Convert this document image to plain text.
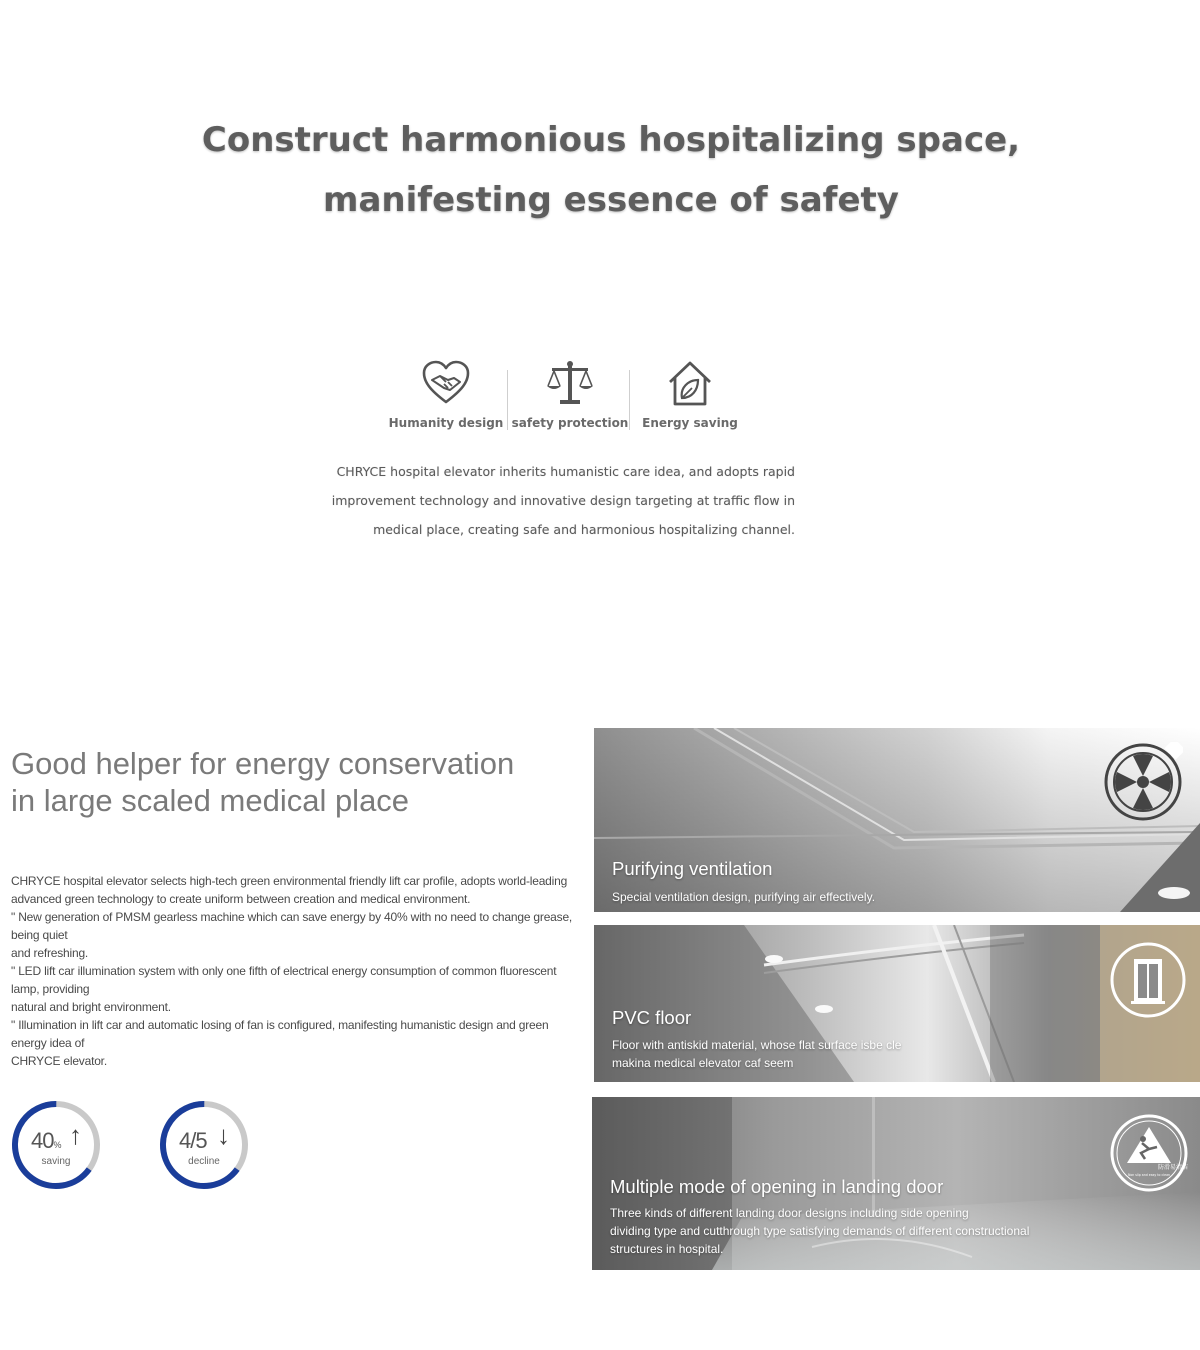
Construct harmonious hospitalizing space,
manifesting essence of safety
Humanity design safety protection	Energy saving
CHRYCE hospital elevator inherits humanistic care idea, and adopts rapid
improvement technology and innovative design targeting at traffic flow in
medical place, creating safe and harmonious hospitalizing channel.
Good helper for energy conservation
in large scaled medical place
CHRYCE hospital elevator selects high-tech green environmental friendly lift car profile, adopts world-leading
advanced green technology to create uniform between creation and medical environment.
" New generation of PMSM gearless machine which can save energy by 40% with no need to change grease,
being quiet
and refreshing.
" LED lift car illumination system with only one fifth of electrical energy consumption of common fluorescent
lamp, providing
natural and bright environment.
" Illumination in lift car and automatic losing of fan is configured, manifesting humanistic design and green
energy idea of
CHRYCE elevator.
40% ↑
saving
4/5 ↓
decline
Purifying ventilation
Special ventilation design, purifying air effectively.
PVC floor
Floor with antiskid material, whose flat surface isbe cle
makina medical elevator caf seem
防滑易清洁
Non slip and easy to clean
Multiple mode of opening in landing door
Three kinds of different landing door designs including side opening
dividing type and cutthrough type satisfying demands of different constructional
structures in hospital.
